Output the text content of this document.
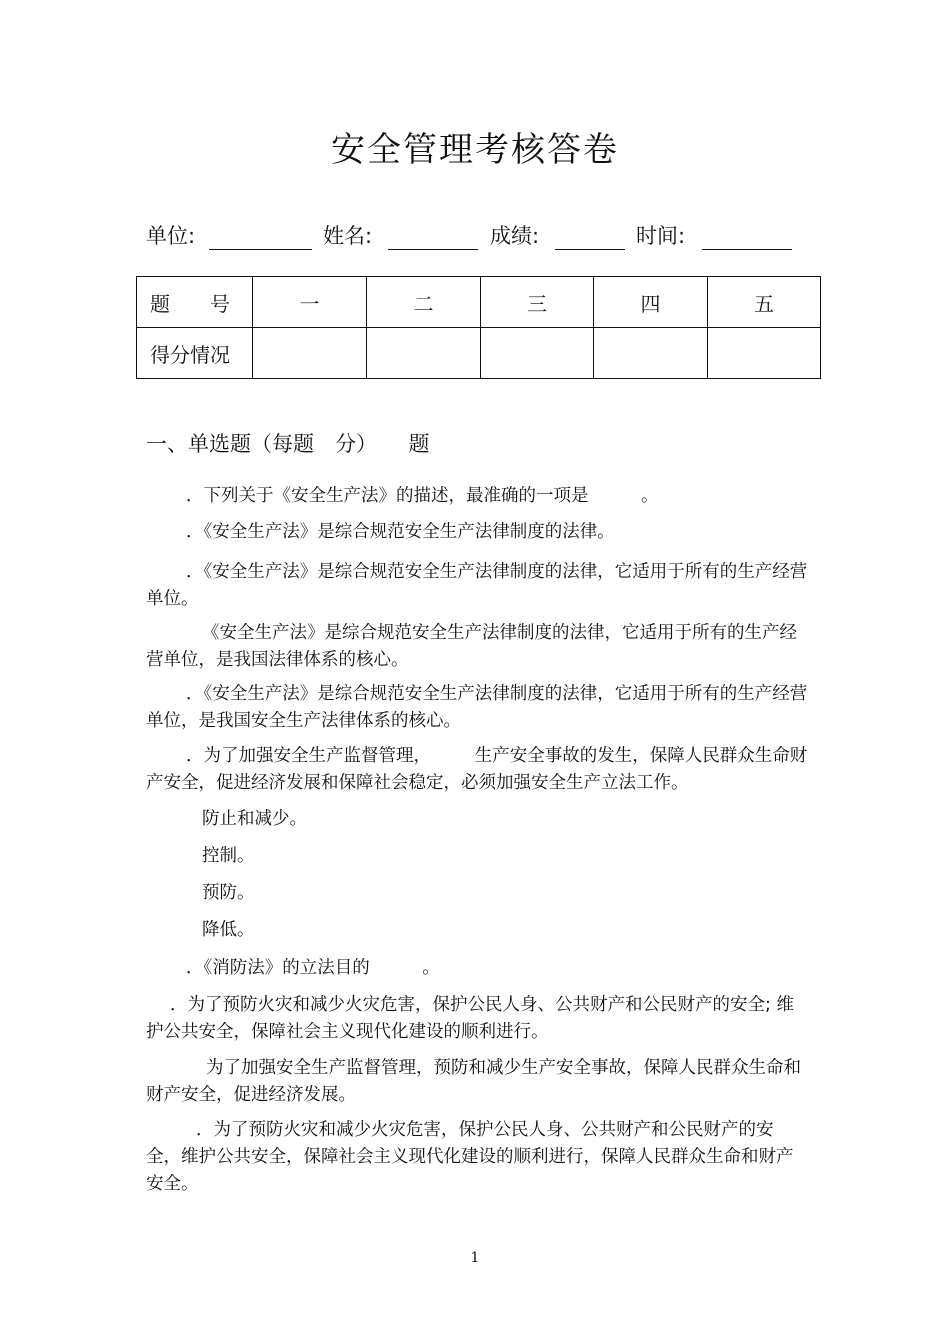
安全管理考核答卷
单位:	姓名:	成绩:	时间:
题　　号	一	二	三	四	五
得分情况					
一、单选题（每题　分）　　题
．下列关于《安全生产法》的描述，最准确的一项是　　　。
．《安全生产法》是综合规范安全生产法律制度的法律。
．《安全生产法》是综合规范安全生产法律制度的法律，它适用于所有的生产经营单位。
《安全生产法》是综合规范安全生产法律制度的法律，它适用于所有的生产经营单位，是我国法律体系的核心。
．《安全生产法》是综合规范安全生产法律制度的法律，它适用于所有的生产经营单位，是我国安全生产法律体系的核心。
．为了加强安全生产监督管理，　　　生产安全事故的发生，保障人民群众生命财产安全，促进经济发展和保障社会稳定，必须加强安全生产立法工作。
防止和减少。
控制。
预防。
降低。
．《消防法》的立法目的　　　。
．为了预防火灾和减少火灾危害，保护公民人身、公共财产和公民财产的安全; 维护公共安全，保障社会主义现代化建设的顺利进行。
为了加强安全生产监督管理，预防和减少生产安全事故，保障人民群众生命和财产安全，促进经济发展。
．为了预防火灾和减少火灾危害，保护公民人身、公共财产和公民财产的安全，维护公共安全，保障社会主义现代化建设的顺利进行，保障人民群众生命和财产安全。
1
